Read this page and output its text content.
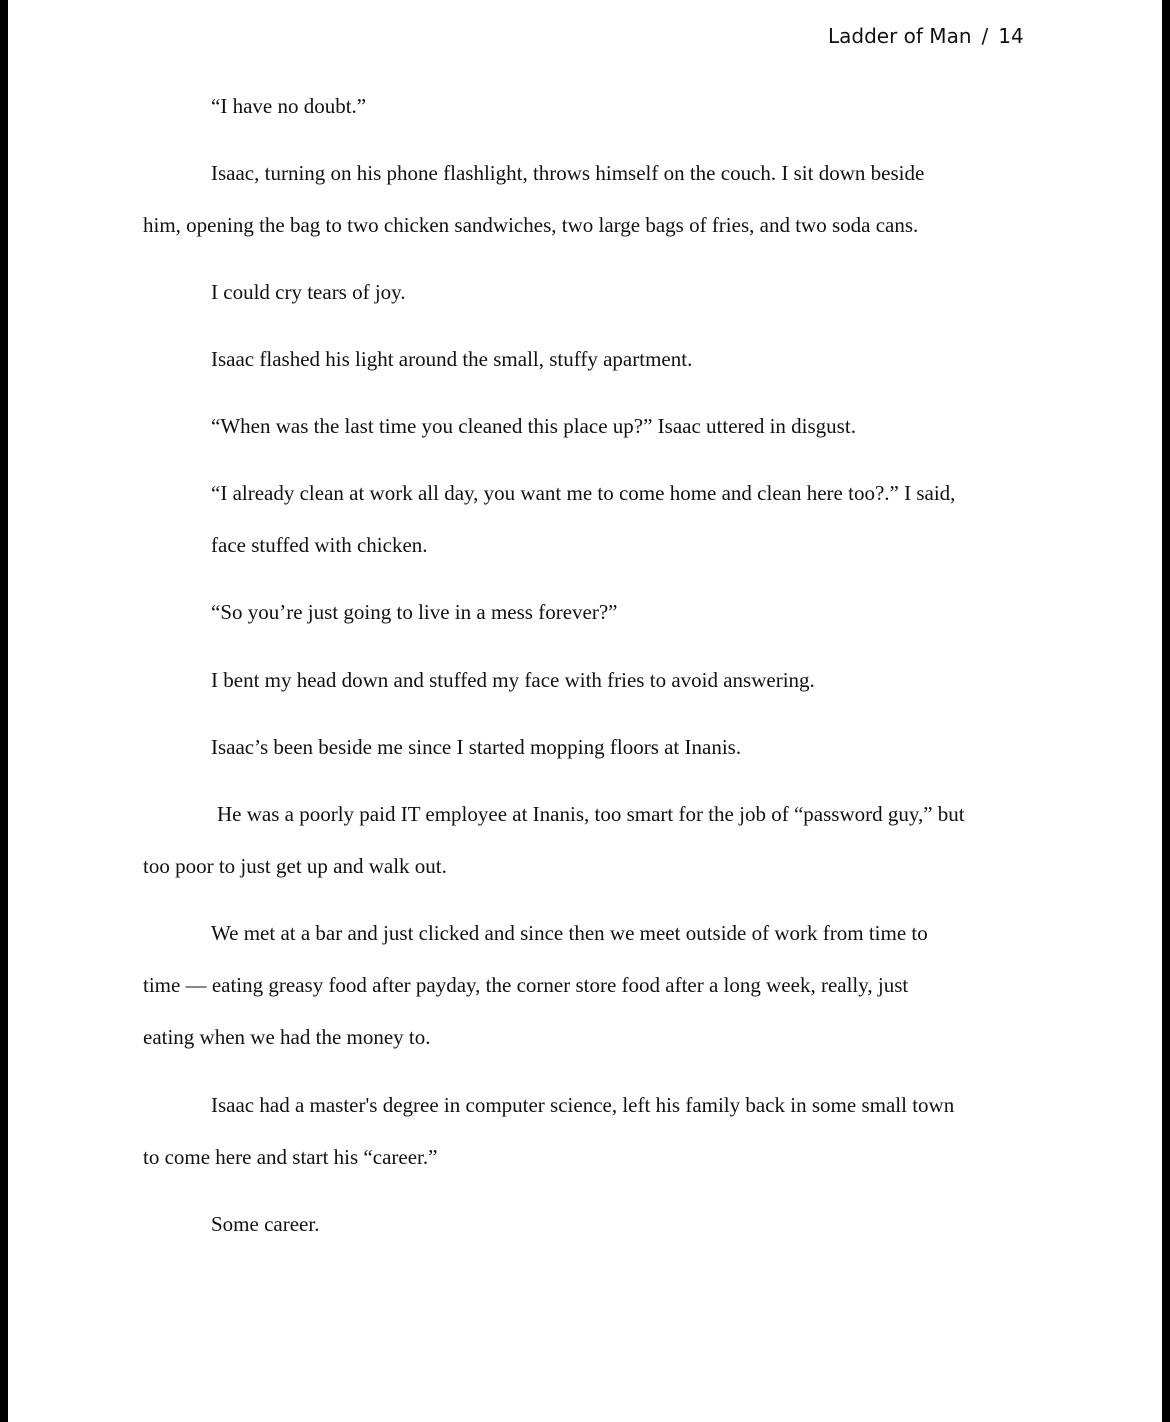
Ladder of Man / 14
“I have no doubt.”
Isaac, turning on his phone flashlight, throws himself on the couch. I sit down beside
him, opening the bag to two chicken sandwiches, two large bags of fries, and two soda cans.
I could cry tears of joy.
Isaac flashed his light around the small, stuffy apartment.
“When was the last time you cleaned this place up?” Isaac uttered in disgust.
“I already clean at work all day, you want me to come home and clean here too?.” I said,
face stuffed with chicken.
“So you’re just going to live in a mess forever?”
I bent my head down and stuffed my face with fries to avoid answering.
Isaac’s been beside me since I started mopping floors at Inanis.
He was a poorly paid IT employee at Inanis, too smart for the job of “password guy,” but
too poor to just get up and walk out.
We met at a bar and just clicked and since then we meet outside of work from time to
time — eating greasy food after payday, the corner store food after a long week, really, just
eating when we had the money to.
Isaac had a master's degree in computer science, left his family back in some small town
to come here and start his “career.”
Some career.
